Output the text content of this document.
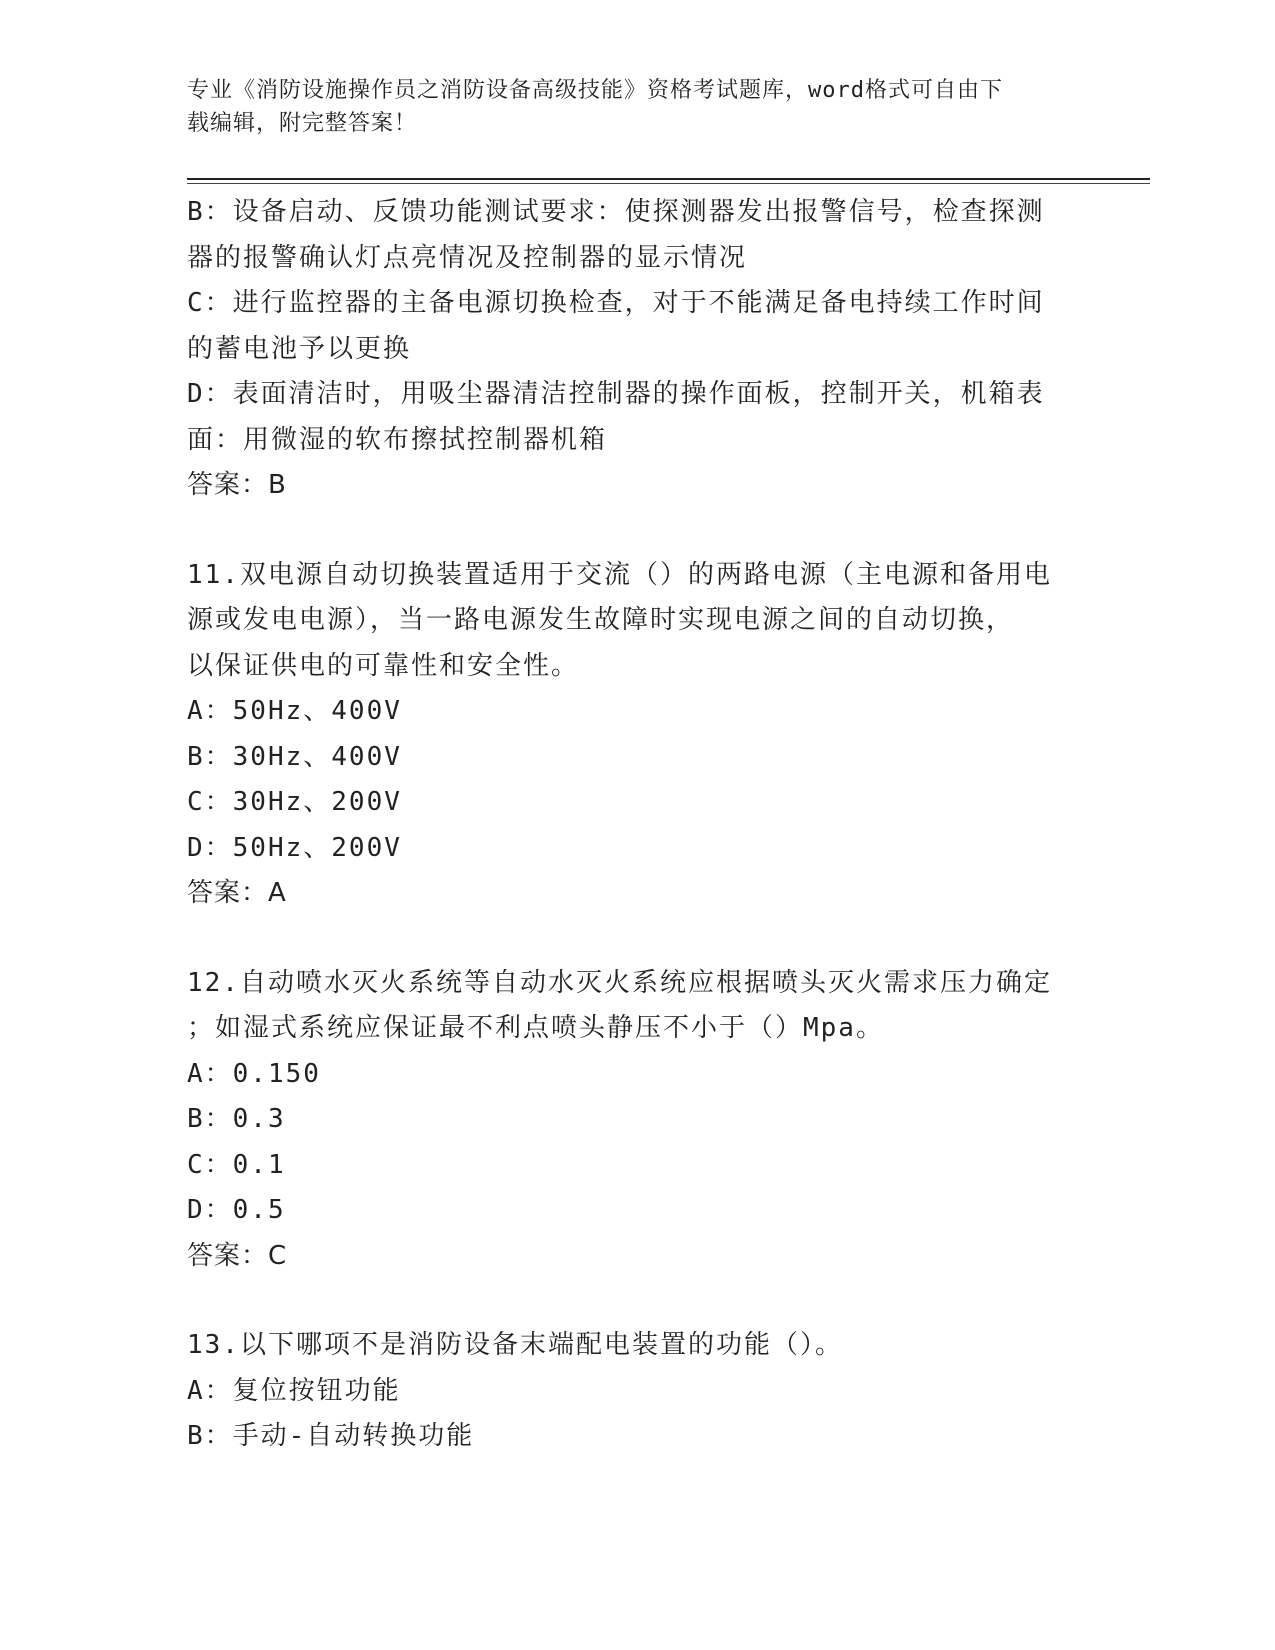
专业《消防设施操作员之消防设备高级技能》资格考试题库，word格式可自由下
载编辑，附完整答案！
B：设备启动、反馈功能测试要求：使探测器发出报警信号，检查探测
器的报警确认灯点亮情况及控制器的显示情况
C：进行监控器的主备电源切换检查，对于不能满足备电持续工作时间
的蓄电池予以更换
D：表面清洁时，用吸尘器清洁控制器的操作面板，控制开关，机箱表
面：用微湿的软布擦拭控制器机箱
答案：B
11.双电源自动切换装置适用于交流（）的两路电源（主电源和备用电
源或发电电源），当一路电源发生故障时实现电源之间的自动切换，
以保证供电的可靠性和安全性。
A：50Hz、400V
B：30Hz、400V
C：30Hz、200V
D：50Hz、200V
答案：A
12.自动喷水灭火系统等自动水灭火系统应根据喷头灭火需求压力确定
；如湿式系统应保证最不利点喷头静压不小于（）Mpa。
A：0.150
B：0.3
C：0.1
D：0.5
答案：C
13.以下哪项不是消防设备末端配电装置的功能（）。
A：复位按钮功能
B：手动-自动转换功能
